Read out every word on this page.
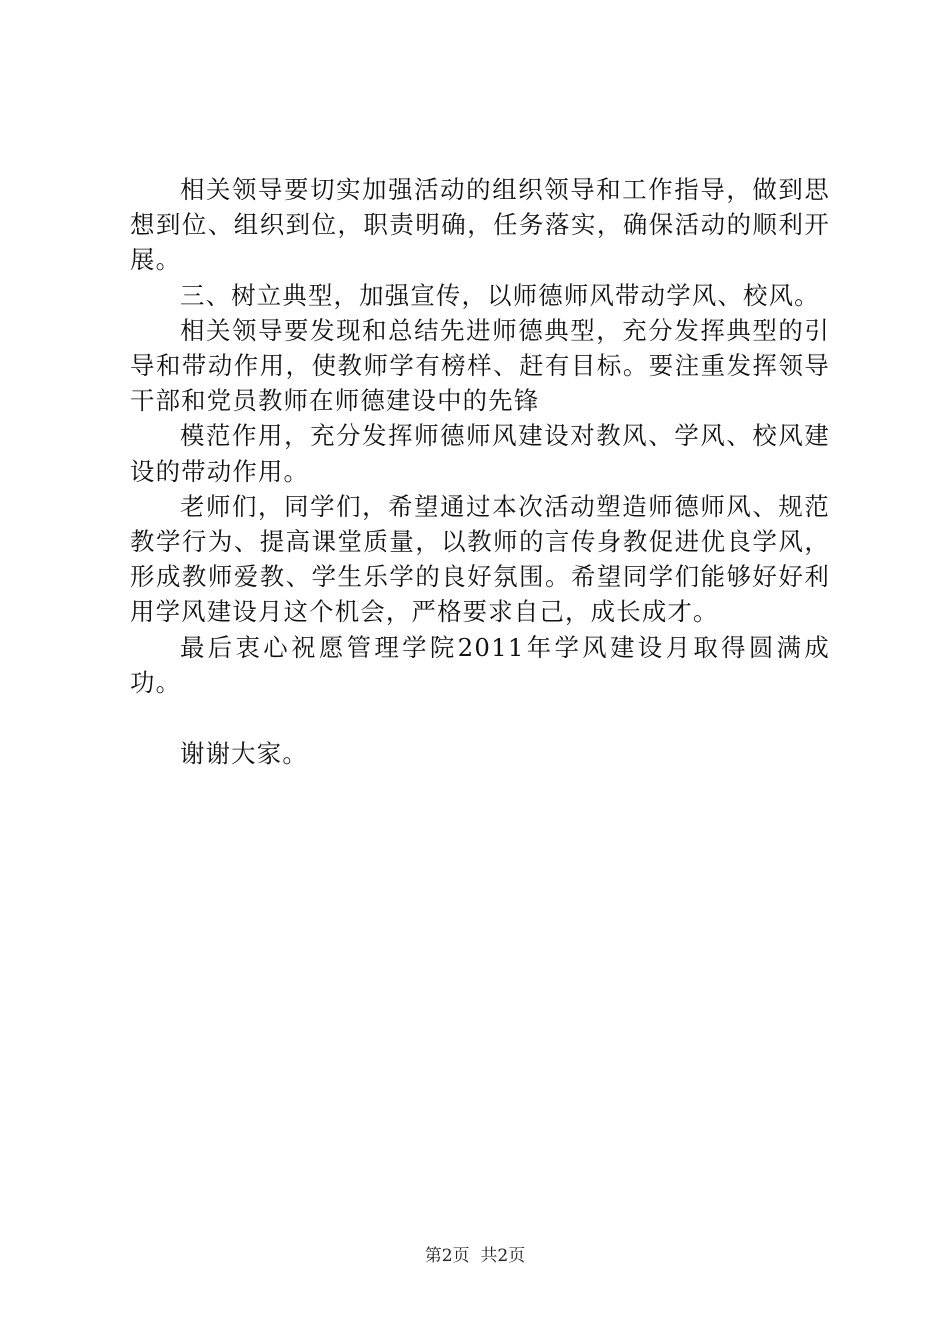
相关领导要切实加强活动的组织领导和工作指导，做到思想到位、组织到位，职责明确，任务落实，确保活动的顺利开展。

三、树立典型，加强宣传，以师德师风带动学风、校风。

相关领导要发现和总结先进师德典型，充分发挥典型的引导和带动作用，使教师学有榜样、赶有目标。要注重发挥领导干部和党员教师在师德建设中的先锋

模范作用，充分发挥师德师风建设对教风、学风、校风建设的带动作用。

老师们，同学们，希望通过本次活动塑造师德师风、规范教学行为、提高课堂质量，以教师的言传身教促进优良学风，形成教师爱教、学生乐学的良好氛围。希望同学们能够好好利用学风建设月这个机会，严格要求自己，成长成才。

最后衷心祝愿管理学院2011年学风建设月取得圆满成功。

谢谢大家。

第2页  共2页
